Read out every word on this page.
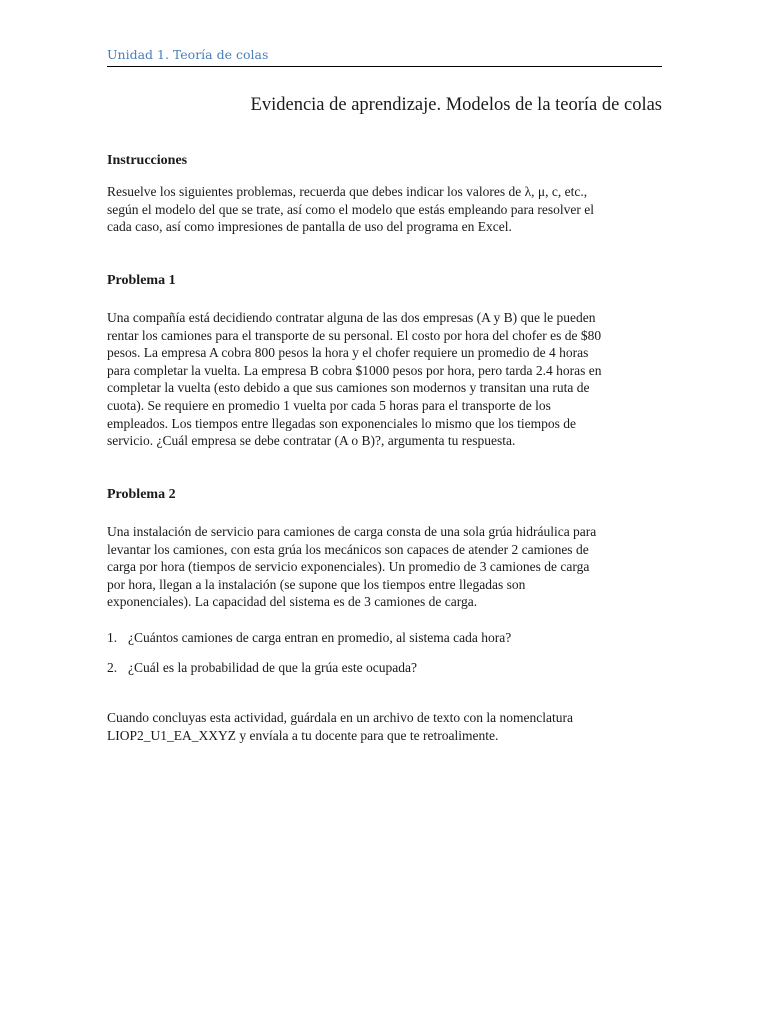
Unidad 1. Teoría de colas
Evidencia de aprendizaje. Modelos de la teoría de colas
Instrucciones

Resuelve los siguientes problemas, recuerda que debes indicar los valores de λ, μ, c, etc.,
según el modelo del que se trate, así como el modelo que estás empleando para resolver el
cada caso, así como impresiones de pantalla de uso del programa en Excel.

Problema 1

Una compañía está decidiendo contratar alguna de las dos empresas (A y B) que le pueden
rentar los camiones para el transporte de su personal. El costo por hora del chofer es de $80
pesos. La empresa A cobra 800 pesos la hora y el chofer requiere un promedio de 4 horas
para completar la vuelta. La empresa B cobra $1000 pesos por hora, pero tarda 2.4 horas en
completar la vuelta (esto debido a que sus camiones son modernos y transitan una ruta de
cuota). Se requiere en promedio 1 vuelta por cada 5 horas para el transporte de los
empleados. Los tiempos entre llegadas son exponenciales lo mismo que los tiempos de
servicio. ¿Cuál empresa se debe contratar (A o B)?, argumenta tu respuesta.

Problema 2

Una instalación de servicio para camiones de carga consta de una sola grúa hidráulica para
levantar los camiones, con esta grúa los mecánicos son capaces de atender 2 camiones de
carga por hora (tiempos de servicio exponenciales). Un promedio de 3 camiones de carga
por hora, llegan a la instalación (se supone que los tiempos entre llegadas son
exponenciales). La capacidad del sistema es de 3 camiones de carga.

1. ¿Cuántos camiones de carga entran en promedio, al sistema cada hora?
2. ¿Cuál es la probabilidad de que la grúa este ocupada?

Cuando concluyas esta actividad, guárdala en un archivo de texto con la nomenclatura
LIOP2_U1_EA_XXYZ y envíala a tu docente para que te retroalimente.
